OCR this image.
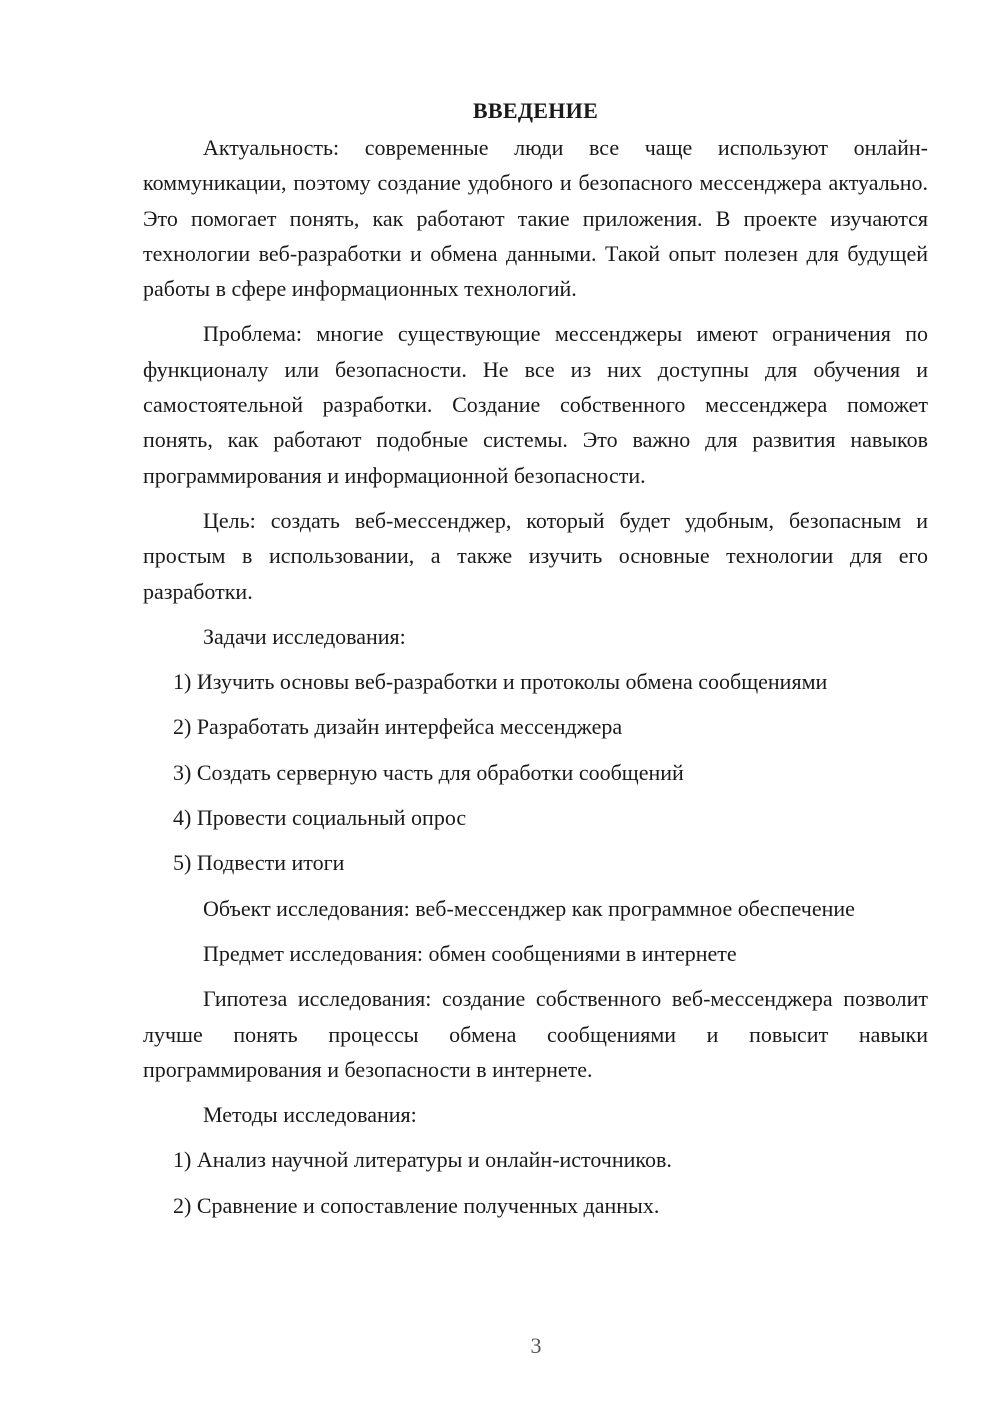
ВВЕДЕНИЕ

Актуальность: современные люди все чаще используют онлайн-коммуникации, поэтому создание удобного и безопасного мессенджера актуально. Это помогает понять, как работают такие приложения. В проекте изучаются технологии веб-разработки и обмена данными. Такой опыт полезен для будущей работы в сфере информационных технологий.

Проблема: многие существующие мессенджеры имеют ограничения по функционалу или безопасности. Не все из них доступны для обучения и самостоятельной разработки. Создание собственного мессенджера поможет понять, как работают подобные системы. Это важно для развития навыков программирования и информационной безопасности.

Цель: создать веб-мессенджер, который будет удобным, безопасным и простым в использовании, а также изучить основные технологии для его разработки.

Задачи исследования:
1) Изучить основы веб-разработки и протоколы обмена сообщениями
2) Разработать дизайн интерфейса мессенджера
3) Создать серверную часть для обработки сообщений
4) Провести социальный опрос
5) Подвести итоги

Объект исследования: веб-мессенджер как программное обеспечение

Предмет исследования: обмен сообщениями в интернете

Гипотеза исследования: создание собственного веб-мессенджера позволит лучше понять процессы обмена сообщениями и повысит навыки программирования и безопасности в интернете.

Методы исследования:
1) Анализ научной литературы и онлайн-источников.
2) Сравнение и сопоставление полученных данных.
3
